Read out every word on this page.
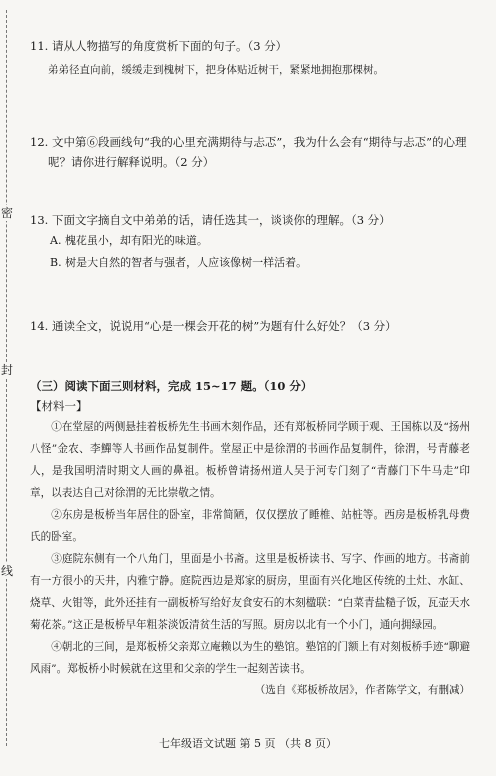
密
封
线
11. 请从人物描写的角度赏析下面的句子。（3 分）
弟弟径直向前，缓缓走到槐树下，把身体贴近树干，紧紧地拥抱那棵树。
12. 文中第⑥段画线句“我的心里充满期待与忐忑”，我为什么会有“期待与忐忑”的心理
呢？请你进行解释说明。（2 分）
13. 下面文字摘自文中弟弟的话，请任选其一，谈谈你的理解。（3 分）
A. 槐花虽小，却有阳光的味道。
B. 树是大自然的智者与强者，人应该像树一样活着。
14. 通读全文，说说用“心是一棵会开花的树”为题有什么好处？（3 分）
（三）阅读下面三则材料，完成 15~17 题。（10 分）
【材料一】
①在堂屋的两侧悬挂着板桥先生书画木刻作品，还有郑板桥同学顾于观、王国栋以及“扬州八怪”金农、李鱓等人书画作品复制件。堂屋正中是徐渭的书画作品复制件，徐渭，号青藤老人，是我国明清时期文人画的鼻祖。板桥曾请扬州道人吴于河专门刻了“青藤门下牛马走”印章，以表达自己对徐渭的无比崇敬之情。
②东房是板桥当年居住的卧室，非常简陋，仅仅摆放了睡椎、站桩等。西房是板桥乳母费氏的卧室。
③庭院东侧有一个八角门，里面是小书斋。这里是板桥读书、写字、作画的地方。书斋前有一方很小的天井，内雅宁静。庭院西边是郑家的厨房，里面有兴化地区传统的土灶、水缸、烧草、火钳等，此外还挂有一副板桥写给好友食安石的木刻楹联：“白菜青盐糙子饭，瓦壶天水菊花茶。”这正是板桥早年粗茶淡饭清贫生活的写照。厨房以北有一个小门，通向拥绿园。
④朝北的三间，是郑板桥父亲郑立庵赖以为生的塾馆。塾馆的门额上有对刻板桥手迹“聊避风雨”。郑板桥小时候就在这里和父亲的学生一起刻苦读书。
（选自《郑板桥故居》，作者陈学文，有删减）
七年级语文试题 第 5 页 （共 8 页）
